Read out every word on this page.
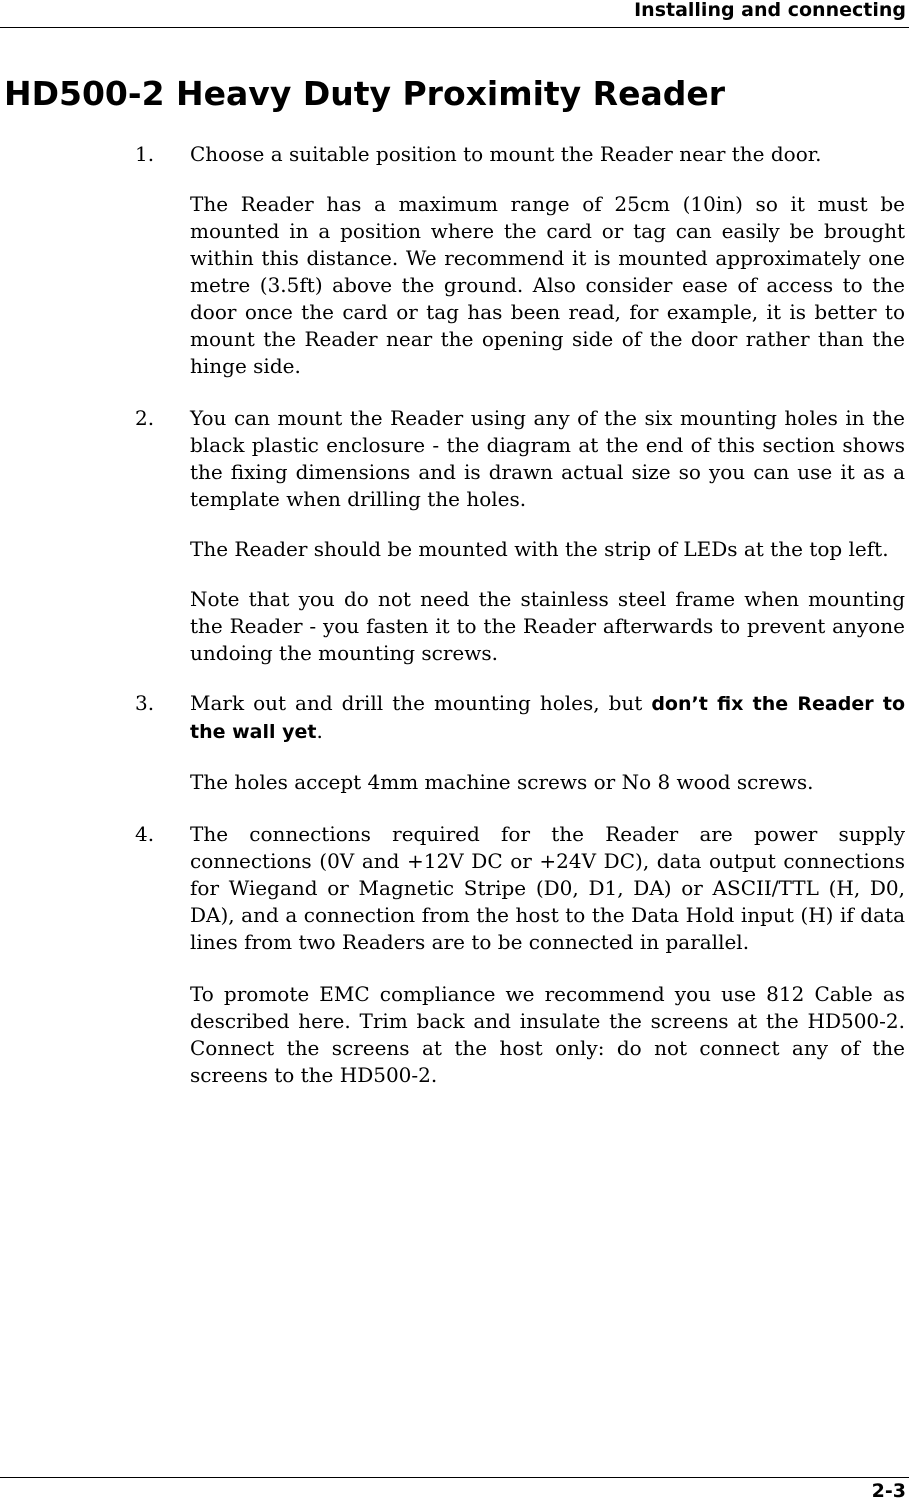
Installing and connecting
HD500-2 Heavy Duty Proximity Reader
1. Choose a suitable position to mount the Reader near the door.

The Reader has a maximum range of 25cm (10in) so it must be mounted in a position where the card or tag can easily be brought within this distance. We recommend it is mounted approximately one metre (3.5ft) above the ground. Also consider ease of access to the door once the card or tag has been read, for example, it is better to mount the Reader near the opening side of the door rather than the hinge side.

2. You can mount the Reader using any of the six mounting holes in the black plastic enclosure - the diagram at the end of this section shows the fixing dimensions and is drawn actual size so you can use it as a template when drilling the holes.

The Reader should be mounted with the strip of LEDs at the top left.

Note that you do not need the stainless steel frame when mounting the Reader - you fasten it to the Reader afterwards to prevent anyone undoing the mounting screws.

3. Mark out and drill the mounting holes, but don’t fix the Reader to the wall yet.

The holes accept 4mm machine screws or No 8 wood screws.

4. The connections required for the Reader are power supply connections (0V and +12V DC or +24V DC), data output connections for Wiegand or Magnetic Stripe (D0, D1, DA) or ASCII/TTL (H, D0, DA), and a connection from the host to the Data Hold input (H) if data lines from two Readers are to be connected in parallel.

To promote EMC compliance we recommend you use 812 Cable as described here. Trim back and insulate the screens at the HD500-2. Connect the screens at the host only: do not connect any of the screens to the HD500-2.

2-3
